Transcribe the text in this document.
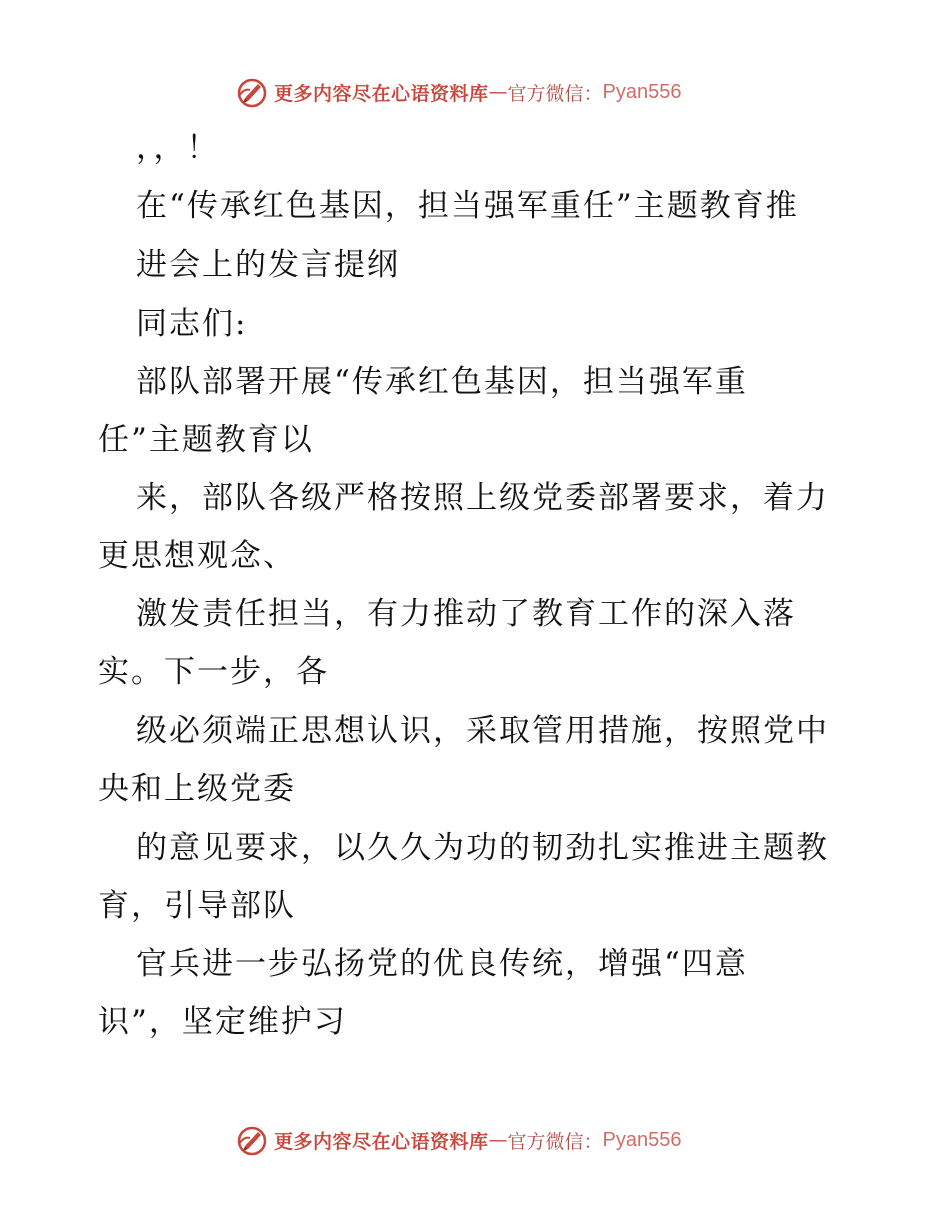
更多内容尽在心语资料库 — 官方微信： Pyan556
，，！
在“传承红色基因，担当强军重任”主题教育推
进会上的发言提纲
同志们:
部队部署开展“传承红色基因，担当强军重
任”主题教育以
来，部队各级严格按照上级党委部署要求，着力
更思想观念、
激发责任担当，有力推动了教育工作的深入落
实。下一步，各
级必须端正思想认识，采取管用措施，按照党中
央和上级党委
的意见要求，以久久为功的韧劲扎实推进主题教
育，引导部队
官兵进一步弘扬党的优良传统，增强“四意
识”，坚定维护习
更多内容尽在心语资料库 — 官方微信： Pyan556
